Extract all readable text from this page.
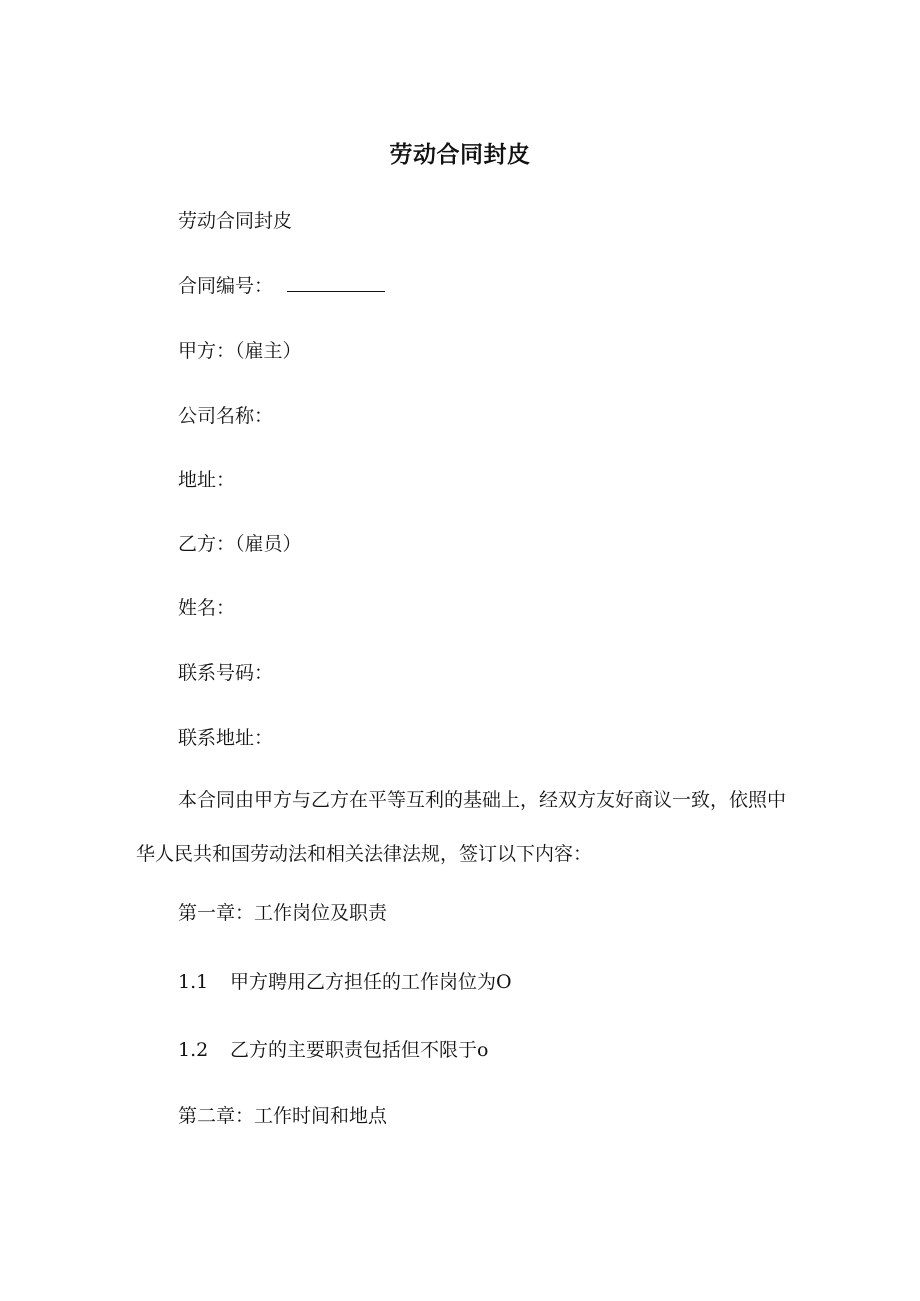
劳动合同封皮

劳动合同封皮

合同编号：

甲方：（雇主）

公司名称：

地址：

乙方：（雇员）

姓名：

联系号码：

联系地址：

本合同由甲方与乙方在平等互利的基础上，经双方友好商议一致，依照中华人民共和国劳动法和相关法律法规，签订以下内容：

第一章：工作岗位及职责

1.1 甲方聘用乙方担任的工作岗位为O

1.2 乙方的主要职责包括但不限于o

第二章：工作时间和地点
